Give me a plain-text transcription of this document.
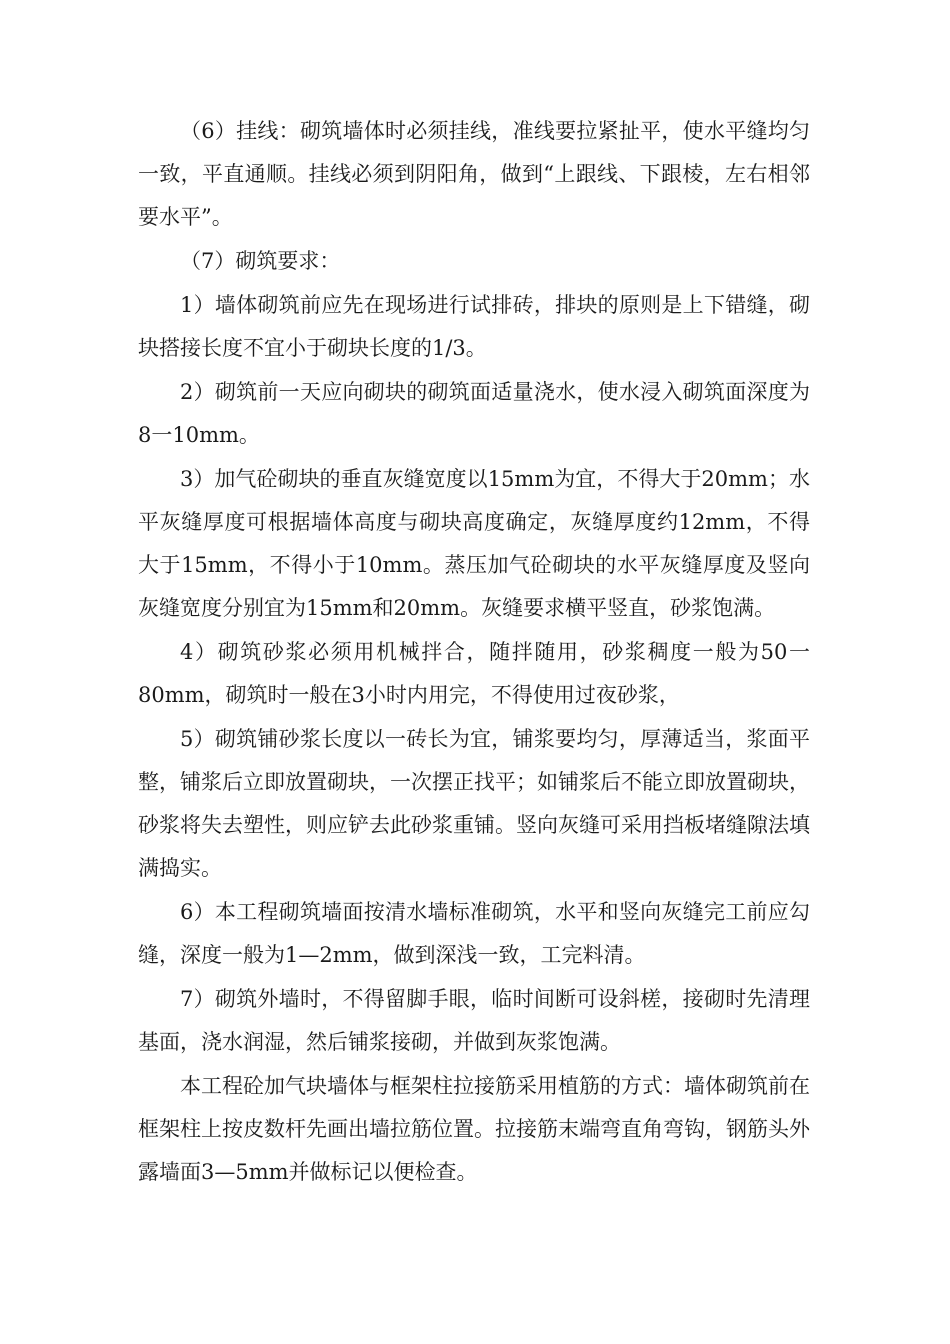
（6）挂线：砌筑墙体时必须挂线，准线要拉紧扯平，使水平缝均匀一致，平直通顺。挂线必须到阴阳角，做到“上跟线、下跟棱，左右相邻要水平”。

（7）砌筑要求：

1）墙体砌筑前应先在现场进行试排砖，排块的原则是上下错缝，砌块搭接长度不宜小于砌块长度的1/3。

2）砌筑前一天应向砌块的砌筑面适量浇水，使水浸入砌筑面深度为8一10mm。

3）加气砼砌块的垂直灰缝宽度以15mm为宜，不得大于20mm；水平灰缝厚度可根据墙体高度与砌块高度确定，灰缝厚度约12mm，不得大于15mm，不得小于10mm。蒸压加气砼砌块的水平灰缝厚度及竖向灰缝宽度分别宜为15mm和20mm。灰缝要求横平竖直，砂浆饱满。

4）砌筑砂浆必须用机械拌合，随拌随用，砂浆稠度一般为50一80mm，砌筑时一般在3小时内用完，不得使用过夜砂浆，

5）砌筑铺砂浆长度以一砖长为宜，铺浆要均匀，厚薄适当，浆面平整，铺浆后立即放置砌块，一次摆正找平；如铺浆后不能立即放置砌块，砂浆将失去塑性，则应铲去此砂浆重铺。竖向灰缝可采用挡板堵缝隙法填满捣实。

6）本工程砌筑墙面按清水墙标准砌筑，水平和竖向灰缝完工前应勾缝，深度一般为1—2mm，做到深浅一致，工完料清。

7）砌筑外墙时，不得留脚手眼，临时间断可设斜槎，接砌时先清理基面，浇水润湿，然后铺浆接砌，并做到灰浆饱满。

本工程砼加气块墙体与框架柱拉接筋采用植筋的方式：墙体砌筑前在框架柱上按皮数杆先画出墙拉筋位置。拉接筋末端弯直角弯钩，钢筋头外露墙面3—5mm并做标记以便检查。
